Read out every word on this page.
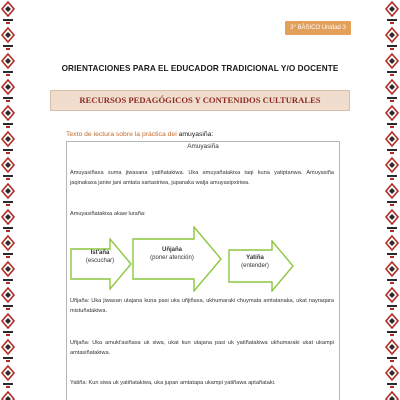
3° BÁSICO Unidad 3
ORIENTACIONES PARA EL EDUCADOR TRADICIONAL Y/O DOCENTE
RECURSOS PEDAGÓGICOS Y CONTENIDOS CULTURALES
Texto de lectura sobre la práctica del amuyasiña:
Amuyasiña

Amuyasiñaxa suma jiwasana yatiñatakiwa. Uka amuyañatakixa taqi kuna yatiptanwa. Amuyasiña jaqinakaxa janiw jani amtata sartasiriwa, jupanaka walja amuyasipxiriwa.

Amuyasiñatakixa akaw luraña:

Ist'aña
(escuchar)
Uñjaña
(poner atención)	Yatiña
(entender)

Uñjaña: Uka jiwasan utajana kuna pasi uka uñjiñaxa, ukhumaraki chuymata amtatanaka, ukat nayraqara mistuñatakiwa.

Uñjaña: Uka amukt'asiñaxa uk siwa, ukat kun utajana pasi uk yatiñatakiwa ukhumaraki ukat ukampi amtasiñatakiwa.

Yatiña: Kun siwa uk yatiñatakiwa, uka jupan amtatapa ukampi yatiñawa aptañataki.
